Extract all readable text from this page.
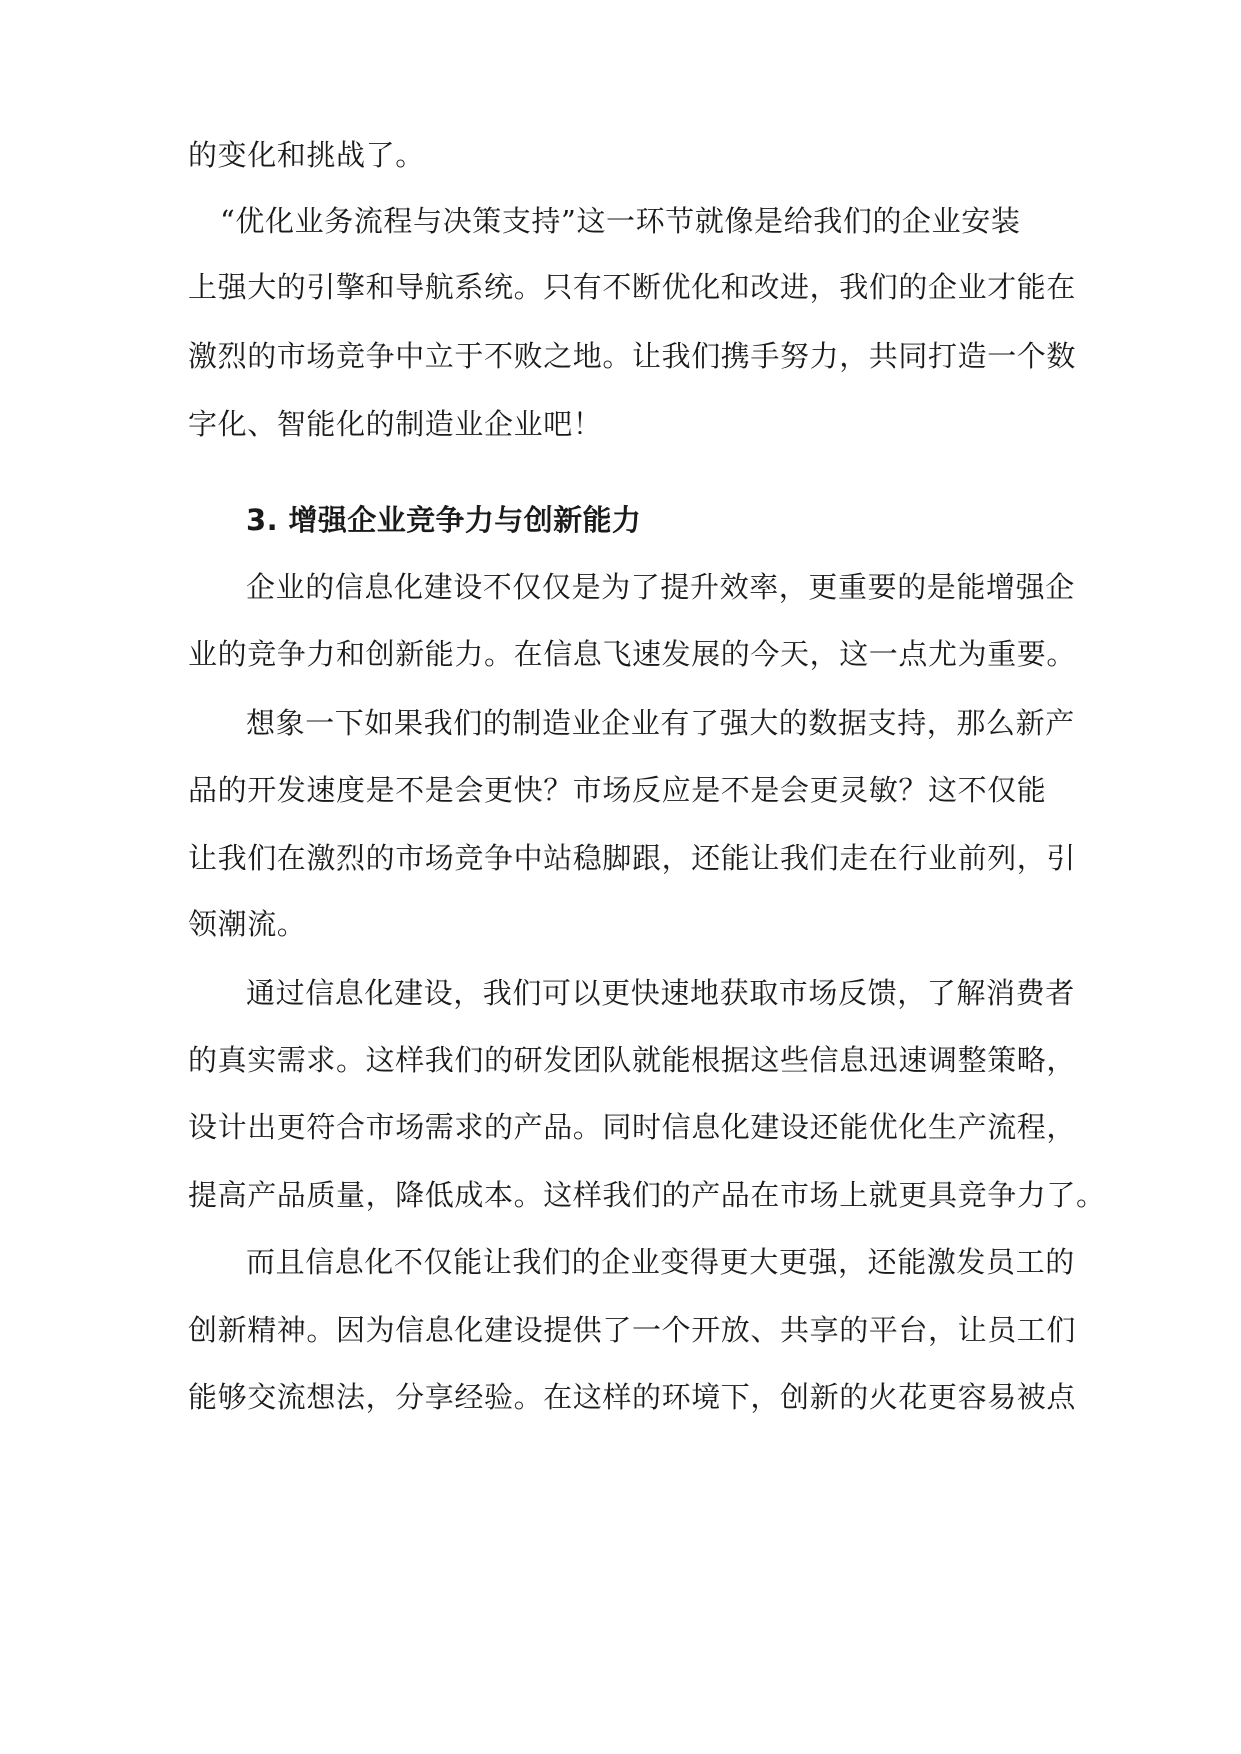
的变化和挑战了。
“优化业务流程与决策支持”这一环节就像是给我们的企业安装
上强大的引擎和导航系统。只有不断优化和改进，我们的企业才能在
激烈的市场竞争中立于不败之地。让我们携手努力，共同打造一个数
字化、智能化的制造业企业吧！
3. 增强企业竞争力与创新能力
企业的信息化建设不仅仅是为了提升效率，更重要的是能增强企
业的竞争力和创新能力。在信息飞速发展的今天，这一点尤为重要。
想象一下如果我们的制造业企业有了强大的数据支持，那么新产
品的开发速度是不是会更快？市场反应是不是会更灵敏？这不仅能
让我们在激烈的市场竞争中站稳脚跟，还能让我们走在行业前列，引
领潮流。
通过信息化建设，我们可以更快速地获取市场反馈，了解消费者
的真实需求。这样我们的研发团队就能根据这些信息迅速调整策略，
设计出更符合市场需求的产品。同时信息化建设还能优化生产流程，
提高产品质量，降低成本。这样我们的产品在市场上就更具竞争力了。
而且信息化不仅能让我们的企业变得更大更强，还能激发员工的
创新精神。因为信息化建设提供了一个开放、共享的平台，让员工们
能够交流想法，分享经验。在这样的环境下，创新的火花更容易被点
